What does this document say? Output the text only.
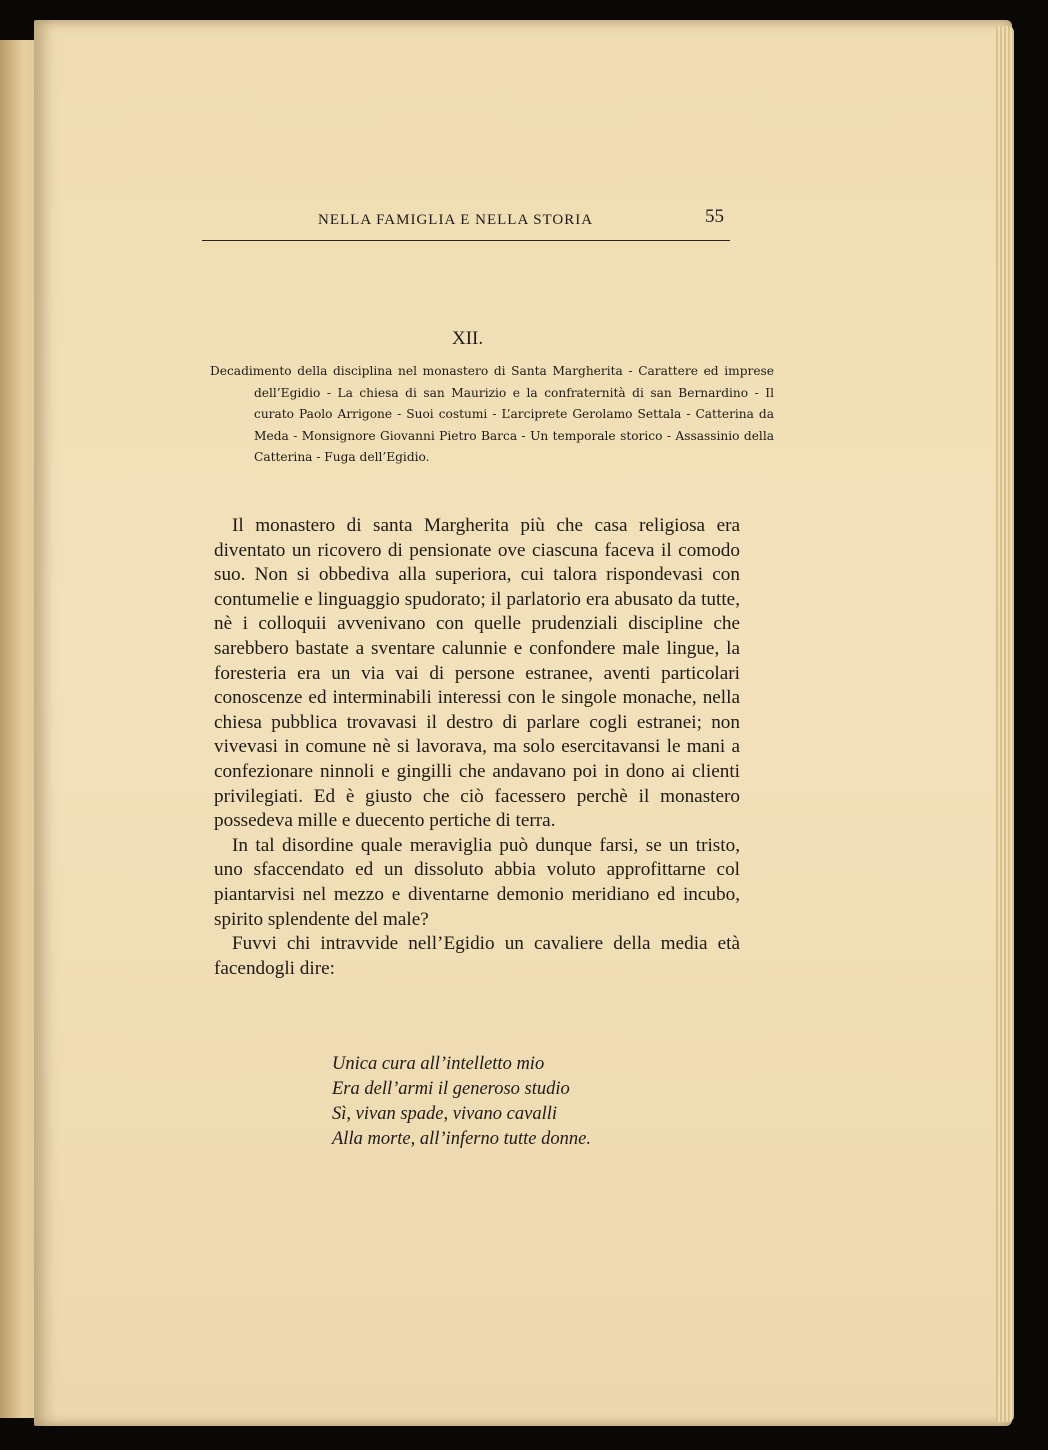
NELLA FAMIGLIA E NELLA STORIA	55
XII.
Decadimento della disciplina nel monastero di Santa Margherita - Carattere ed imprese dell’Egidio - La chiesa di san Maurizio e la confraternità di san Bernardino - Il curato Paolo Arrigone - Suoi costumi - L’arciprete Gerolamo Settala - Catterina da Meda - Monsignore Giovanni Pietro Barca - Un temporale storico - Assassinio della Catterina - Fuga dell’Egidio.

Il monastero di santa Margherita più che casa religiosa era diventato un ricovero di pensionate ove ciascuna faceva il comodo suo. Non si obbediva alla superiora, cui talora rispondevasi con contumelie e linguaggio spudorato; il parlatorio era abusato da tutte, nè i colloquii avvenivano con quelle prudenziali discipline che sarebbero bastate a sventare calunnie e confondere male lingue, la foresteria era un via vai di persone estranee, aventi particolari conoscenze ed interminabili interessi con le singole monache, nella chiesa pubblica trovavasi il destro di parlare cogli estranei; non vivevasi in comune nè si lavorava, ma solo esercitavansi le mani a confezionare ninnoli e gingilli che andavano poi in dono ai clienti privilegiati. Ed è giusto che ciò facessero perchè il monastero possedeva mille e duecento pertiche di terra.

In tal disordine quale meraviglia può dunque farsi, se un tristo, uno sfaccendato ed un dissoluto abbia voluto approfittarne col piantarvisi nel mezzo e diventarne demonio meridiano ed incubo, spirito splendente del male?

Fuvvi chi intravvide nell’Egidio un cavaliere della media età facendogli dire:

Unica cura all’intelletto mio
Era dell’armi il generoso studio
Sì, vivan spade, vivano cavalli
Alla morte, all’inferno tutte donne.
